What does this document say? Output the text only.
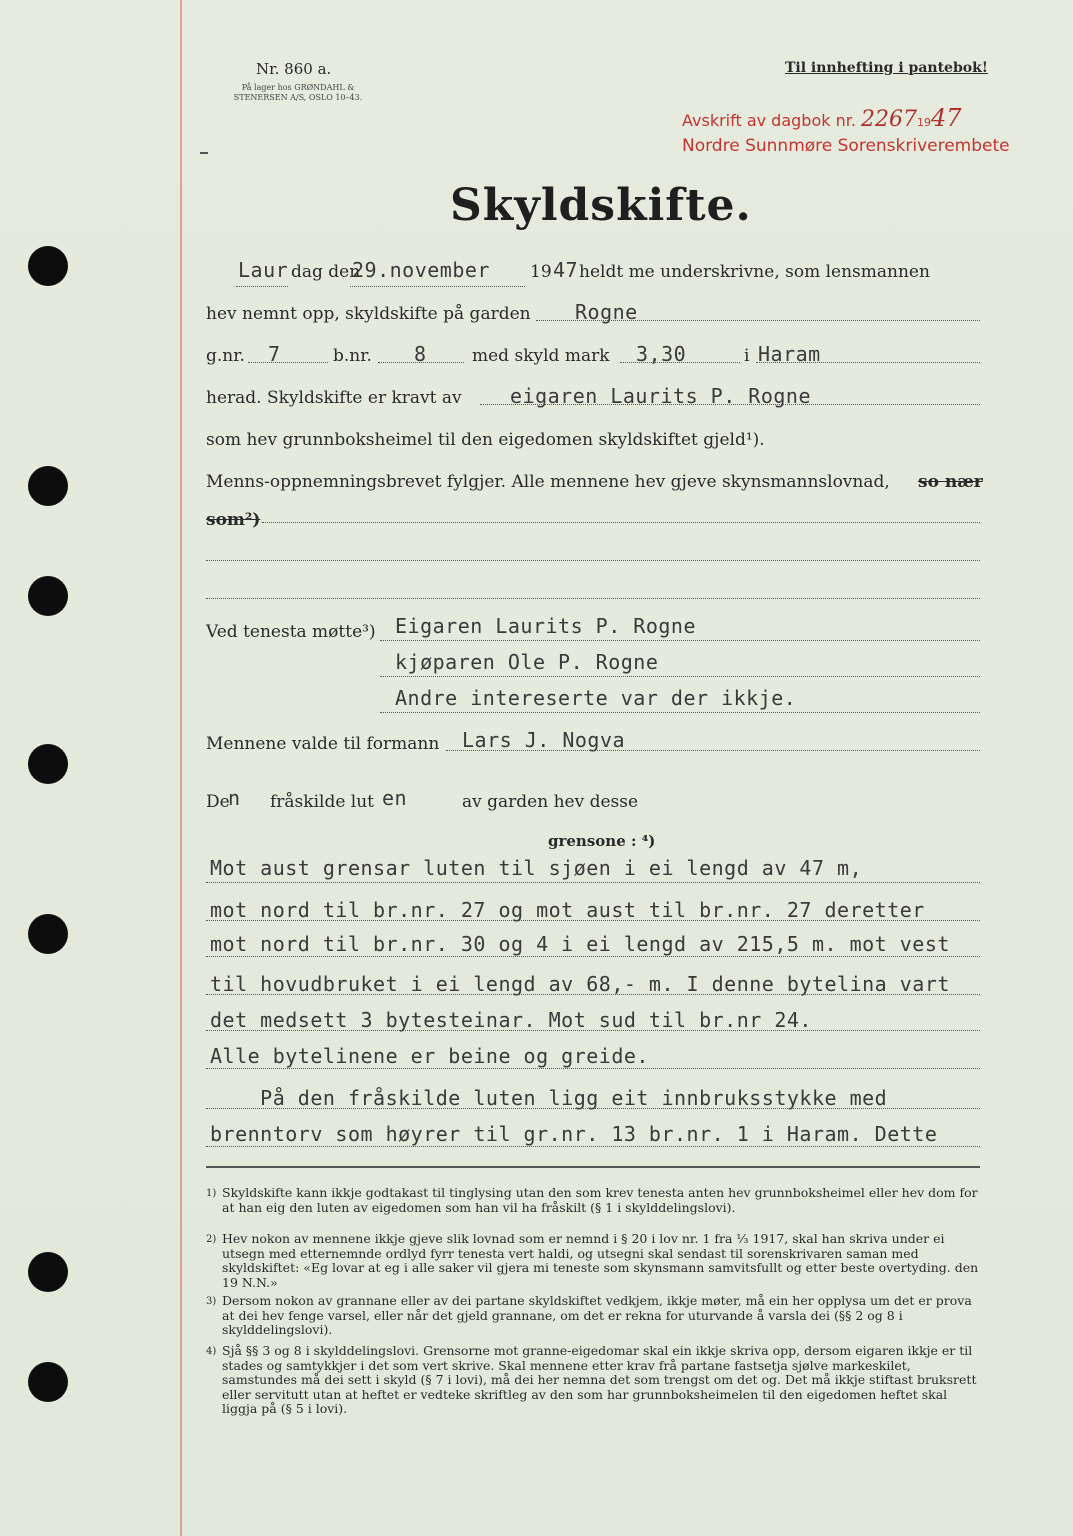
Nr. 860 a.
På lager hos GRØNDAHL & STENERSEN A/S, OSLO 10–43.
Til innhefting i pantebok!
Avskrift av dagbok nr. 22671947
Nordre Sunnmøre Sorenskriverembete
Skyldskifte.
Laur dag den
29.november 19 47 heldt me underskrivne, som lensmannen
hev nemnt opp, skyldskifte på garden Rogne
g.nr. 7	b.nr. 8	med skyld mark 3,30	i Haram
herad. Skyldskifte er kravt av eigaren Laurits P. Rogne
som hev grunnboksheimel til den eigedomen skyldskiftet gjeld¹).
Menns-oppnemningsbrevet fylgjer. Alle mennene hev gjeve skynsmannslovnad, so nær
som²)
Ved tenesta møtte³) Eigaren Laurits P. Rogne
kjøparen Ole P. Rogne
Andre intereserte var der ikkje.
Mennene valde til formann Lars J. Nogva
De
n fråskilde lut en	av garden hev desse
grensone : ⁴)
Mot aust grensar luten til sjøen i ei lengd av 47 m,
mot nord til br.nr. 27 og mot aust til br.nr. 27 deretter
mot nord til br.nr. 30 og 4 i ei lengd av 215,5 m. mot vest
til hovudbruket i ei lengd av 68,- m. I denne bytelina vart
det medsett 3 bytesteinar. Mot sud til br.nr 24.
Alle bytelinene er beine og greide.
På den fråskilde luten ligg eit innbruksstykke med
brenntorv som høyrer til gr.nr. 13 br.nr. 1 i Haram. Dette
1) Skyldskifte kann ikkje godtakast til tinglysing utan den som krev tenesta anten hev grunnboksheimel eller hev dom for at han eig den luten av eigedomen som han vil ha fråskilt (§ 1 i skylddelingslovi).
2) Hev nokon av mennene ikkje gjeve slik lovnad som er nemnd i § 20 i lov nr. 1 fra ⅓ 1917, skal han skriva under ei utsegn med etternemnde ordlyd fyrr tenesta vert haldi, og utsegni skal sendast til sorenskrivaren saman med skyldskiftet: «Eg lovar at eg i alle saker vil gjera mi teneste som skynsmann samvitsfullt og etter beste overtyding. den 19 N.N.»
3) Dersom nokon av grannane eller av dei partane skyldskiftet vedkjem, ikkje møter, må ein her opplysa um det er prova at dei hev fenge varsel, eller når det gjeld grannane, om det er rekna for uturvande å varsla dei (§§ 2 og 8 i skylddelingslovi).
4) Sjå §§ 3 og 8 i skylddelingslovi. Grensorne mot granne-eigedomar skal ein ikkje skriva opp, dersom eigaren ikkje er til stades og samtykkjer i det som vert skrive. Skal mennene etter krav frå partane fastsetja sjølve markeskilet, samstundes må dei sett i skyld (§ 7 i lovi), må dei her nemna det som trengst om det og. Det må ikkje stiftast bruksrett eller servitutt utan at heftet er vedteke skriftleg av den som har grunnboksheimelen til den eigedomen heftet skal liggja på (§ 5 i lovi).
